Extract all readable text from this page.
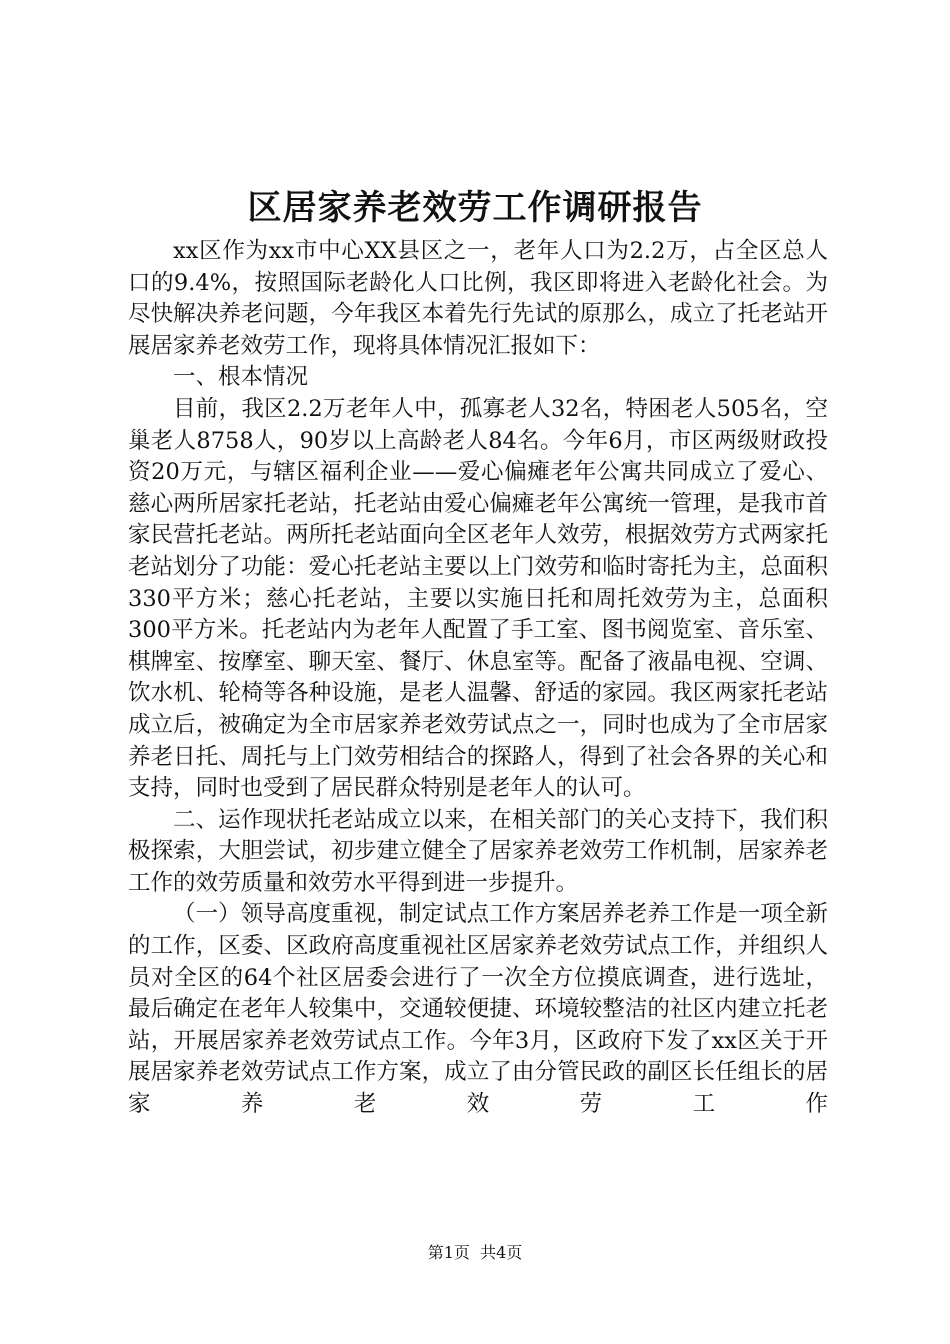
区居家养老效劳工作调研报告

xx区作为xx市中心XX县区之一，老年人口为2.2万，占全区总人口的9.4%，按照国际老龄化人口比例，我区即将进入老龄化社会。为尽快解决养老问题，今年我区本着先行先试的原那么，成立了托老站开展居家养老效劳工作，现将具体情况汇报如下：

一、根本情况

目前，我区2.2万老年人中，孤寡老人32名，特困老人505名，空巢老人8758人，90岁以上高龄老人84名。今年6月，市区两级财政投资20万元，与辖区福利企业——爱心偏瘫老年公寓共同成立了爱心、慈心两所居家托老站，托老站由爱心偏瘫老年公寓统一管理，是我市首家民营托老站。两所托老站面向全区老年人效劳，根据效劳方式两家托老站划分了功能：爱心托老站主要以上门效劳和临时寄托为主，总面积330平方米；慈心托老站，主要以实施日托和周托效劳为主，总面积300平方米。托老站内为老年人配置了手工室、图书阅览室、音乐室、棋牌室、按摩室、聊天室、餐厅、休息室等。配备了液晶电视、空调、饮水机、轮椅等各种设施，是老人温馨、舒适的家园。我区两家托老站成立后，被确定为全市居家养老效劳试点之一，同时也成为了全市居家养老日托、周托与上门效劳相结合的探路人，得到了社会各界的关心和支持，同时也受到了居民群众特别是老年人的认可。

二、运作现状托老站成立以来，在相关部门的关心支持下，我们积极探索，大胆尝试，初步建立健全了居家养老效劳工作机制，居家养老工作的效劳质量和效劳水平得到进一步提升。

（一）领导高度重视，制定试点工作方案居养老养工作是一项全新的工作，区委、区政府高度重视社区居家养老效劳试点工作，并组织人员对全区的64个社区居委会进行了一次全方位摸底调查，进行选址，最后确定在老年人较集中，交通较便捷、环境较整洁的社区内建立托老站，开展居家养老效劳试点工作。今年3月，区政府下发了xx区关于开展居家养老效劳试点工作方案，成立了由分管民政的副区长任组长的居家养老效劳工作

第1页 共4页
